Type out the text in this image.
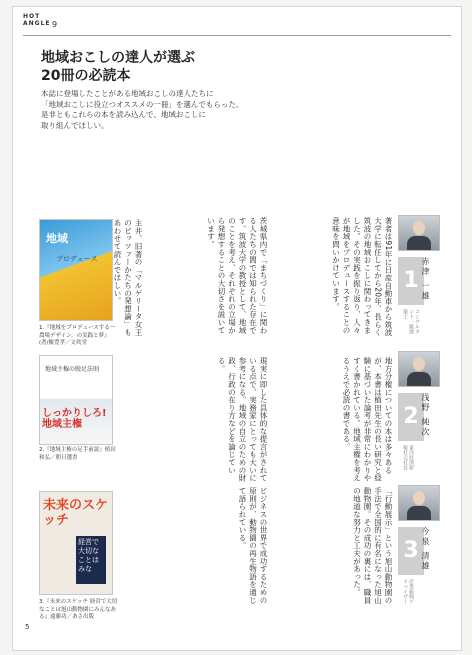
HOT
ANGLE 9
地域おこしの達人が選ぶ
20冊の必読本
本誌に登場したことがある地域おこしの達人たちに
「地域おこしに役立つオススメの一冊」を選んでもらった。
是非ともこれらの本を読み込んで、地域おこしに
取り組んでほしい。
地域
プロデュース
1.『地域をプロデュースする一農場デザイン。の実践と夢』(著/羅豊孝／文眞堂
地域主権の脱足法則
しっかりしろ! 地域主権
2.『地域主権の足手前説』植田和弘／朝日選書
未来のスケッチ
経営で大切なことはみな
3.『未来のスケッチ 経営で大切なことは旭山動物園にみんなある』遠藤功／あさ出版
著者は91年に日産自動車から筑波大学に転任してから20年、長らく筑波の地域おこしに関わってきました。その実践を振り返り、人々が地域をプロデュースすることの意味を問いかけています。
茨城県内で「まちづくり」に関わる人たちの間では知られた存在です。筑波大学の教授として、地域のことを考え、それぞれの立場から発想することの大切さを説いています。
主井、旧著の「マルゲリータ女王のビッツァーかたちの発想論」もあわせて読んでほしい。
地方分権についての本は多々あるが、本書は植田先生の長い研究と経験に基づいた論考が非常にわかりやすく書かれている。地域主権を考えるうえで必読の書である。
現実に即した具体的な提言がされている点で、実務家にとっても大いに参考になる。地域の自立のための財政、行政の在り方などを論じている。
「行動展示」という旭山動物園の手法で全国的に有名になった旭山動物園。その成功の裏には、職員の地道な努力と工夫があった。
ビジネスの世界で成功するための原則が、動物園の再生物語を通じて語られている。
1 赤津 一雄
コンサルタント一級建築士
2 浅野 純次
東洋経済新報社元社長
3 今泉 清雄
産業振興アドバイザー
5
